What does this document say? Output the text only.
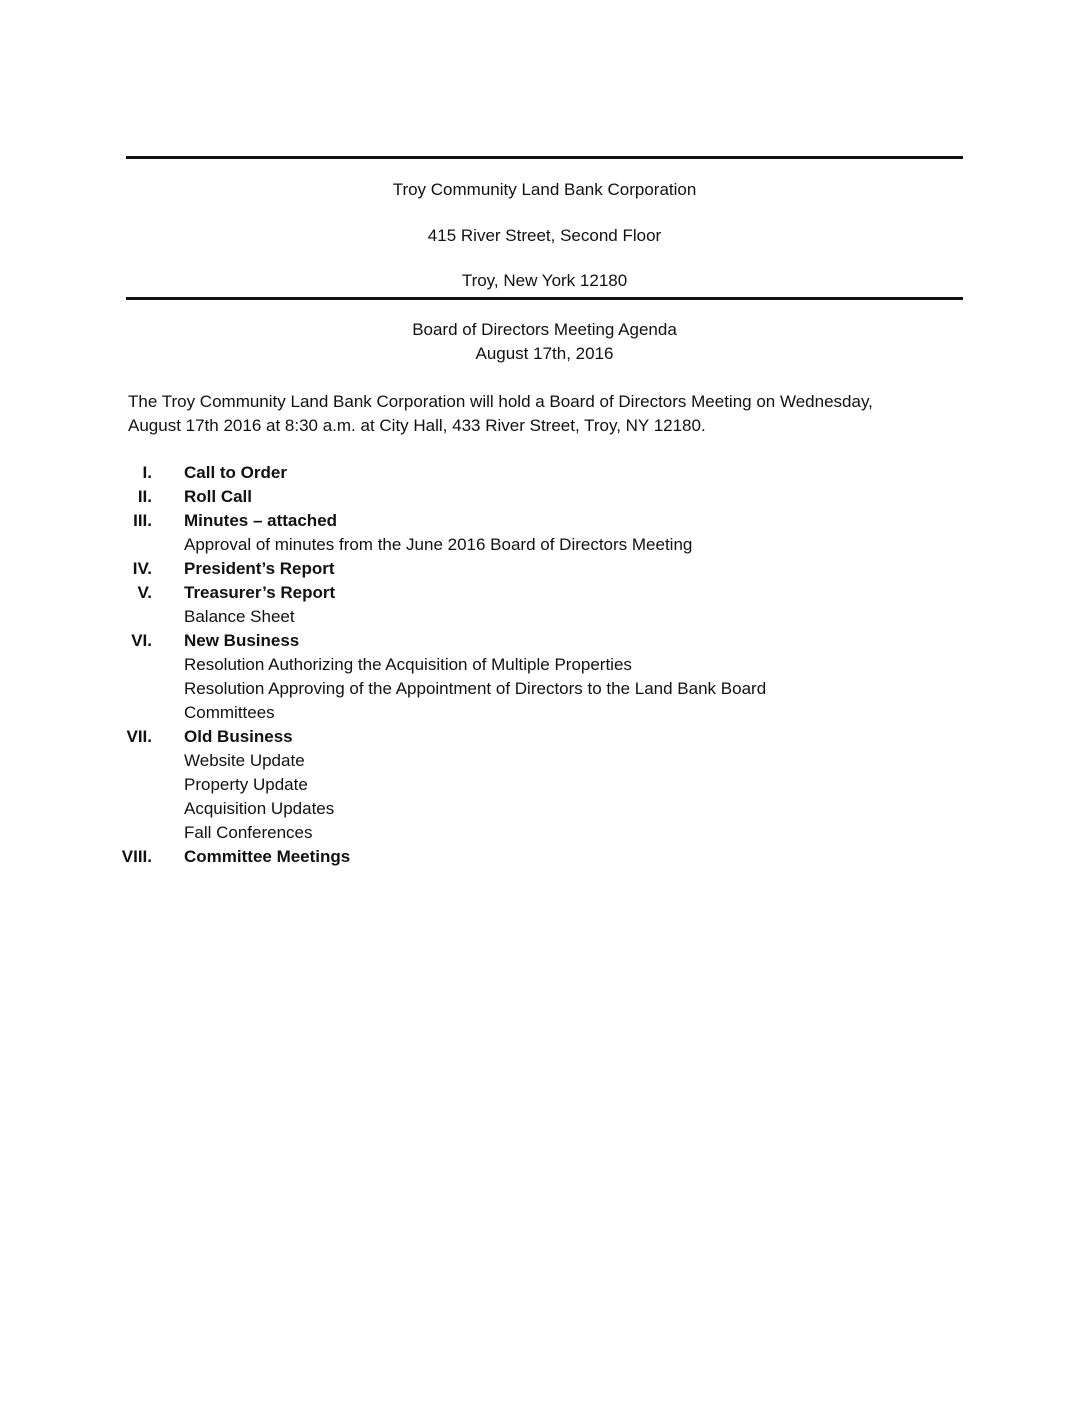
Troy Community Land Bank Corporation
415 River Street, Second Floor
Troy, New York 12180
Board of Directors Meeting Agenda
August 17th, 2016
The Troy Community Land Bank Corporation will hold a Board of Directors Meeting on Wednesday,
August 17th 2016 at 8:30 a.m. at City Hall, 433 River Street, Troy, NY 12180.
I. Call to Order
II. Roll Call
III. Minutes – attached
Approval of minutes from the June 2016 Board of Directors Meeting
IV. President’s Report
V. Treasurer’s Report
Balance Sheet
VI. New Business
Resolution Authorizing the Acquisition of Multiple Properties
Resolution Approving of the Appointment of Directors to the Land Bank Board
Committees
VII. Old Business
Website Update
Property Update
Acquisition Updates
Fall Conferences
VIII. Committee Meetings
